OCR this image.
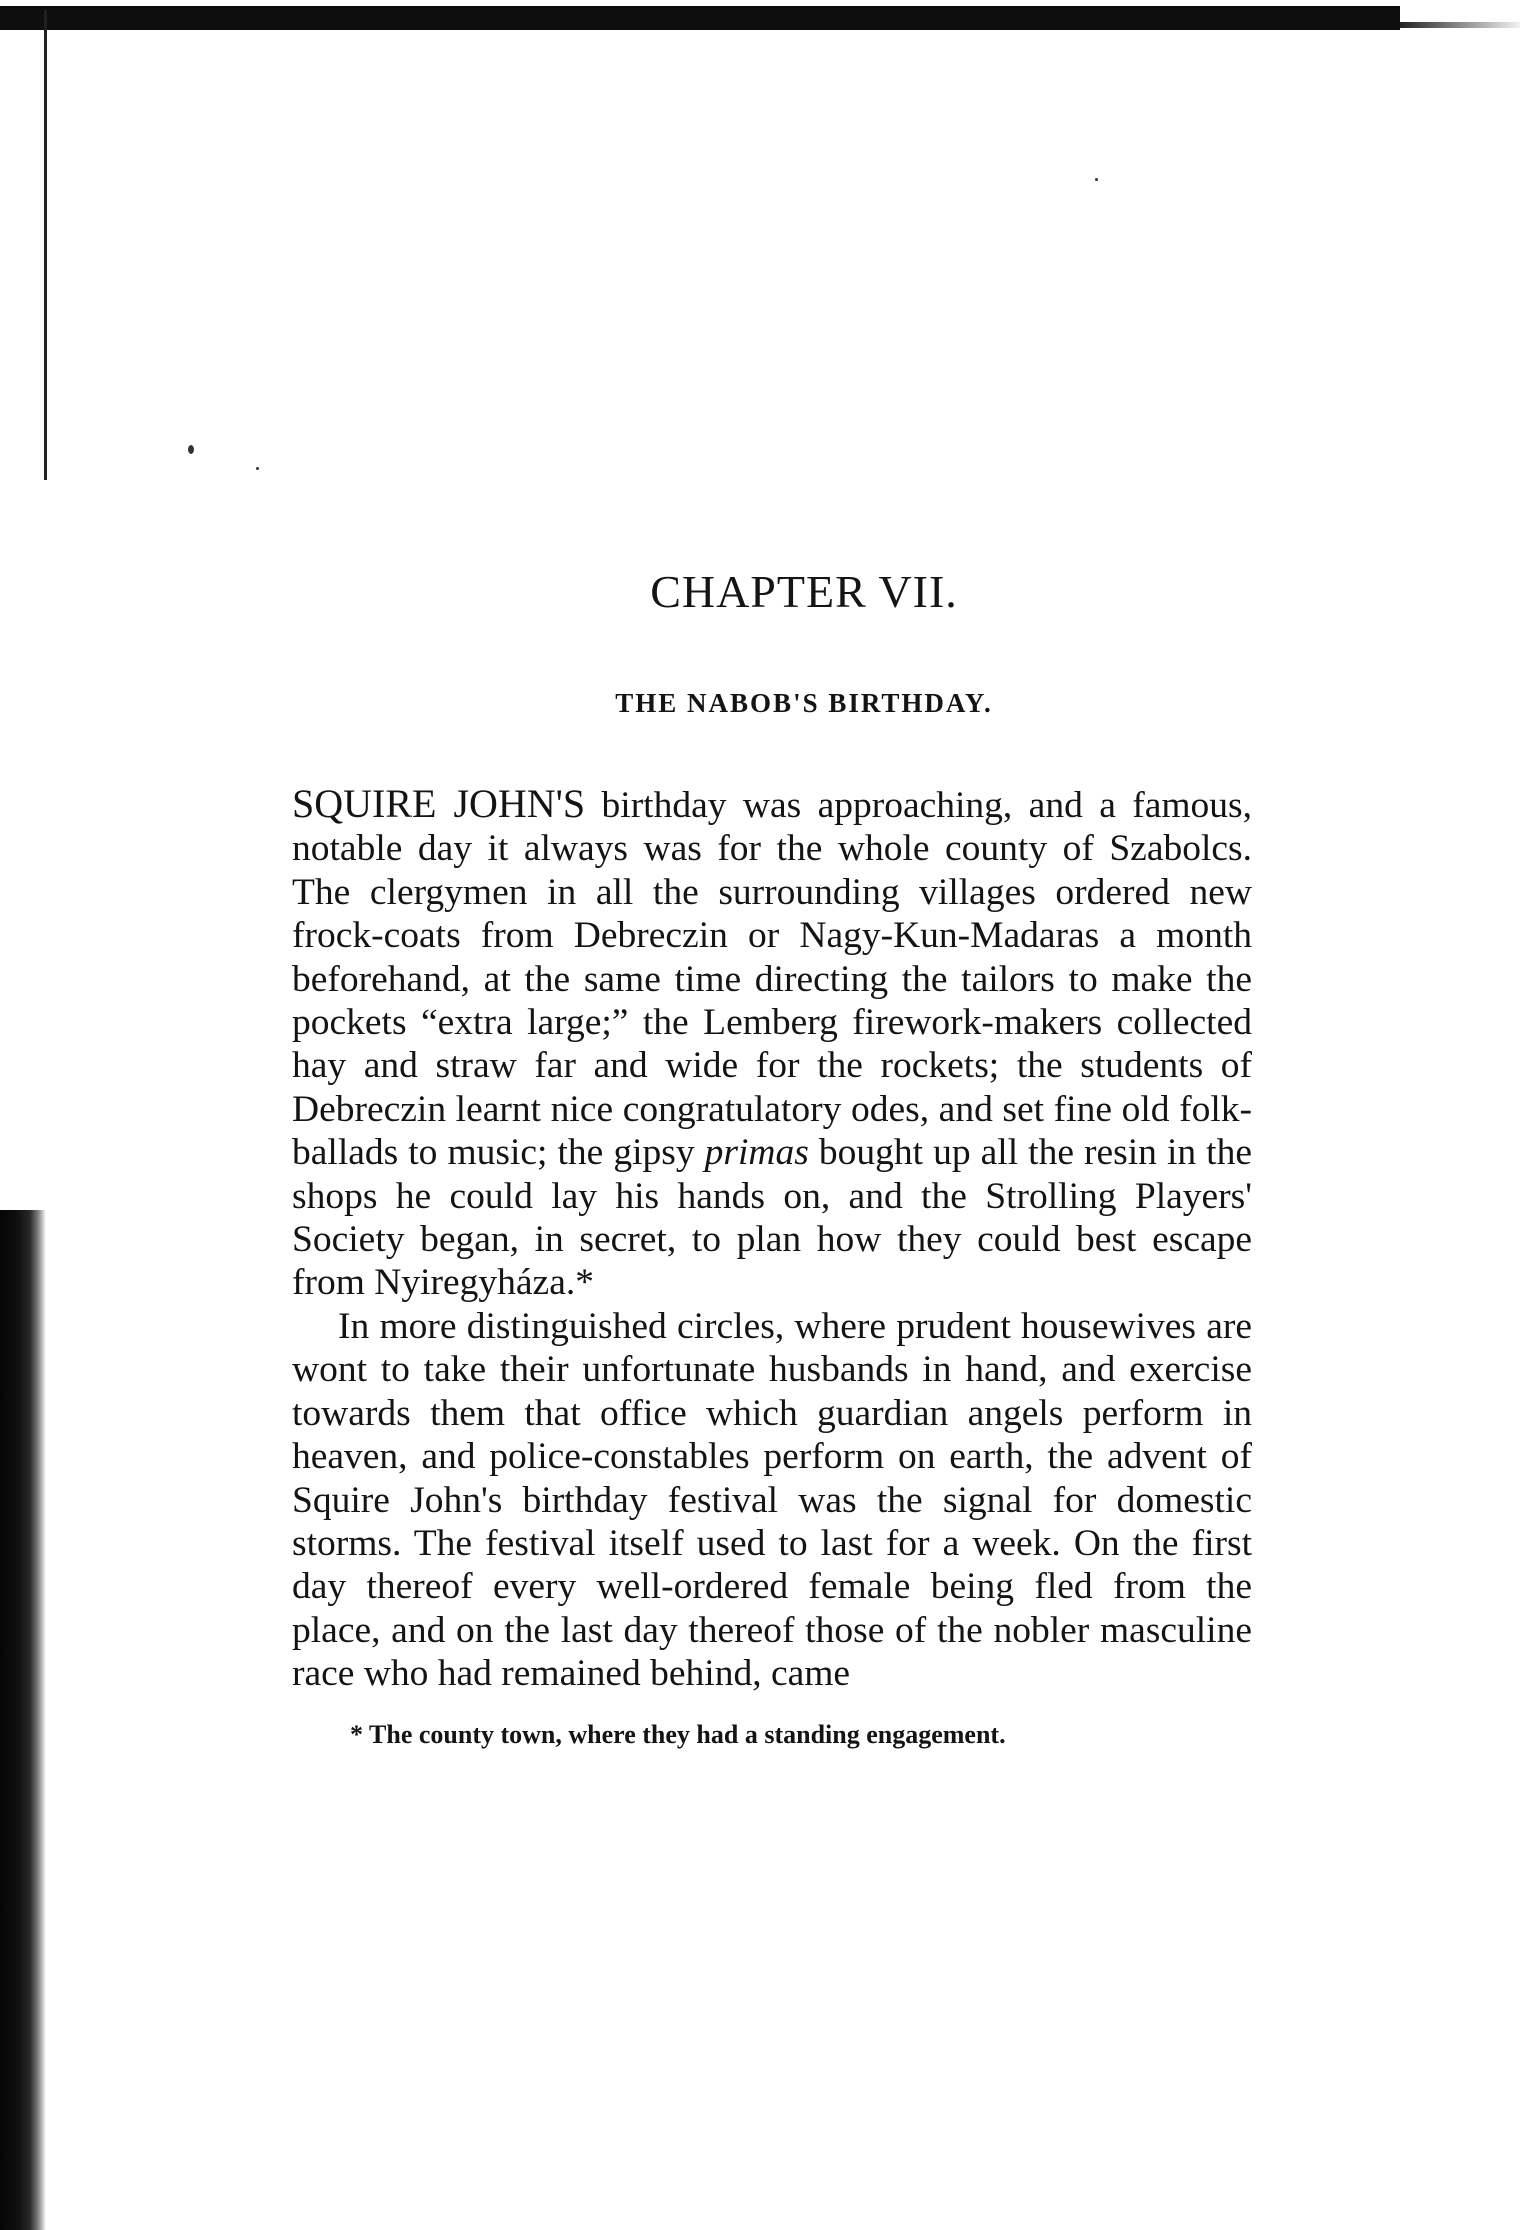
CHAPTER VII.
THE NABOB'S BIRTHDAY.

SQUIRE JOHN'S birthday was approaching, and a famous, notable day it always was for the whole county of Szabolcs. The clergymen in all the surrounding villages ordered new frock-coats from Debreczin or Nagy-Kun-Madaras a month beforehand, at the same time directing the tailors to make the pockets “extra large;” the Lemberg firework-makers collected hay and straw far and wide for the rockets; the students of Debreczin learnt nice congratulatory odes, and set fine old folk-ballads to music; the gipsy primas bought up all the resin in the shops he could lay his hands on, and the Strolling Players' Society began, in secret, to plan how they could best escape from Nyiregyháza.*

In more distinguished circles, where prudent housewives are wont to take their unfortunate husbands in hand, and exercise towards them that office which guardian angels perform in heaven, and police-constables perform on earth, the advent of Squire John's birthday festival was the signal for domestic storms. The festival itself used to last for a week. On the first day thereof every well-ordered female being fled from the place, and on the last day thereof those of the nobler masculine race who had remained behind, came

* The county town, where they had a standing engagement.
